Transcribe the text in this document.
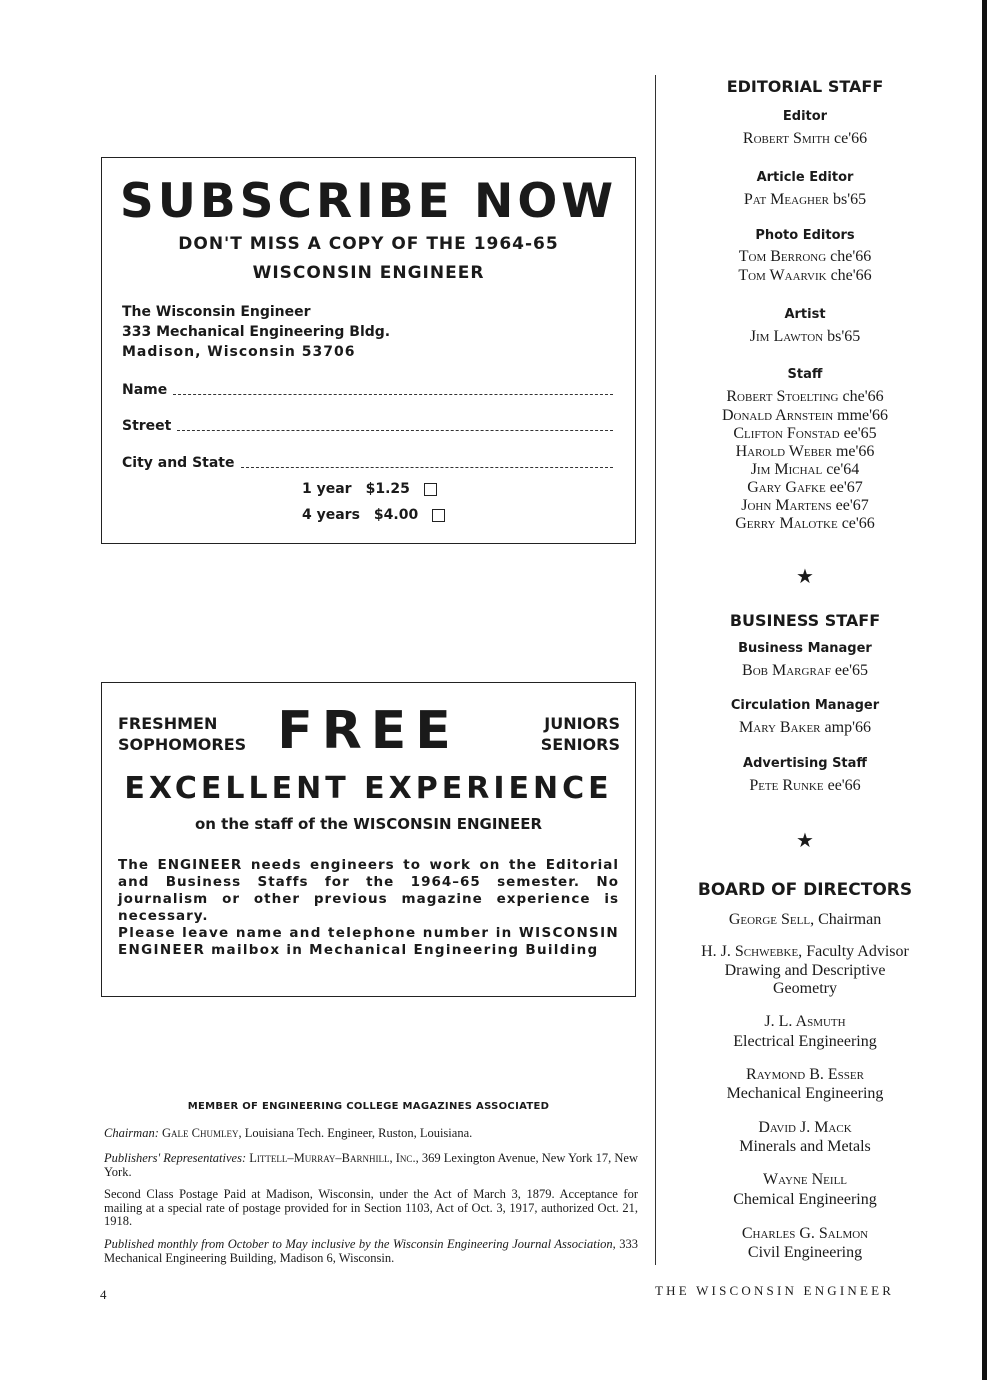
SUBSCRIBE NOW
DON'T MISS A COPY OF THE 1964-65
WISCONSIN ENGINEER
The Wisconsin Engineer
333 Mechanical Engineering Bldg.
Madison, Wisconsin 53706
Name
Street
City and State
1 year $1.25
4 years $4.00
FRESHMEN
SOPHOMORES FREE	JUNIORS
SENIORS
EXCELLENT EXPERIENCE
on the staff of the WISCONSIN ENGINEER
The ENGINEER needs engineers to work on the Editorial and Business Staffs for the 1964–65 semester. No journalism or other previous magazine experience is necessary.
Please leave name and telephone number in WISCONSIN ENGINEER mailbox in Mechanical Engineering Building
MEMBER OF ENGINEERING COLLEGE MAGAZINES ASSOCIATED
Chairman: Gale Chumley, Louisiana Tech. Engineer, Ruston, Louisiana.
Publishers' Representatives: Littell–Murray–Barnhill, Inc., 369 Lexington Avenue, New York 17, New York.
Second Class Postage Paid at Madison, Wisconsin, under the Act of March 3, 1879. Acceptance for mailing at a special rate of postage provided for in Section 1103, Act of Oct. 3, 1917, authorized Oct. 21, 1918.
Published monthly from October to May inclusive by the Wisconsin Engineering Journal Association, 333 Mechanical Engineering Building, Madison 6, Wisconsin.
EDITORIAL STAFF
Editor
Robert Smith ce'66
Article Editor
Pat Meagher bs'65
Photo Editors
Tom Berrong che'66
Tom Waarvik che'66
Artist
Jim Lawton bs'65
Staff
Robert Stoelting che'66
Donald Arnstein mme'66
Clifton Fonstad ee'65
Harold Weber me'66
Jim Michal ce'64
Gary Gafke ee'67
John Martens ee'67
Gerry Malotke ce'66
★
BUSINESS STAFF
Business Manager
Bob Margraf ee'65
Circulation Manager
Mary Baker amp'66
Advertising Staff
Pete Runke ee'66
★
BOARD OF DIRECTORS
George Sell, Chairman
H. J. Schwebke, Faculty Advisor
Drawing and Descriptive
Geometry
J. L. Asmuth
Electrical Engineering
Raymond B. Esser
Mechanical Engineering
David J. Mack
Minerals and Metals
Wayne Neill
Chemical Engineering
Charles G. Salmon
Civil Engineering
4	THE WISCONSIN ENGINEER
